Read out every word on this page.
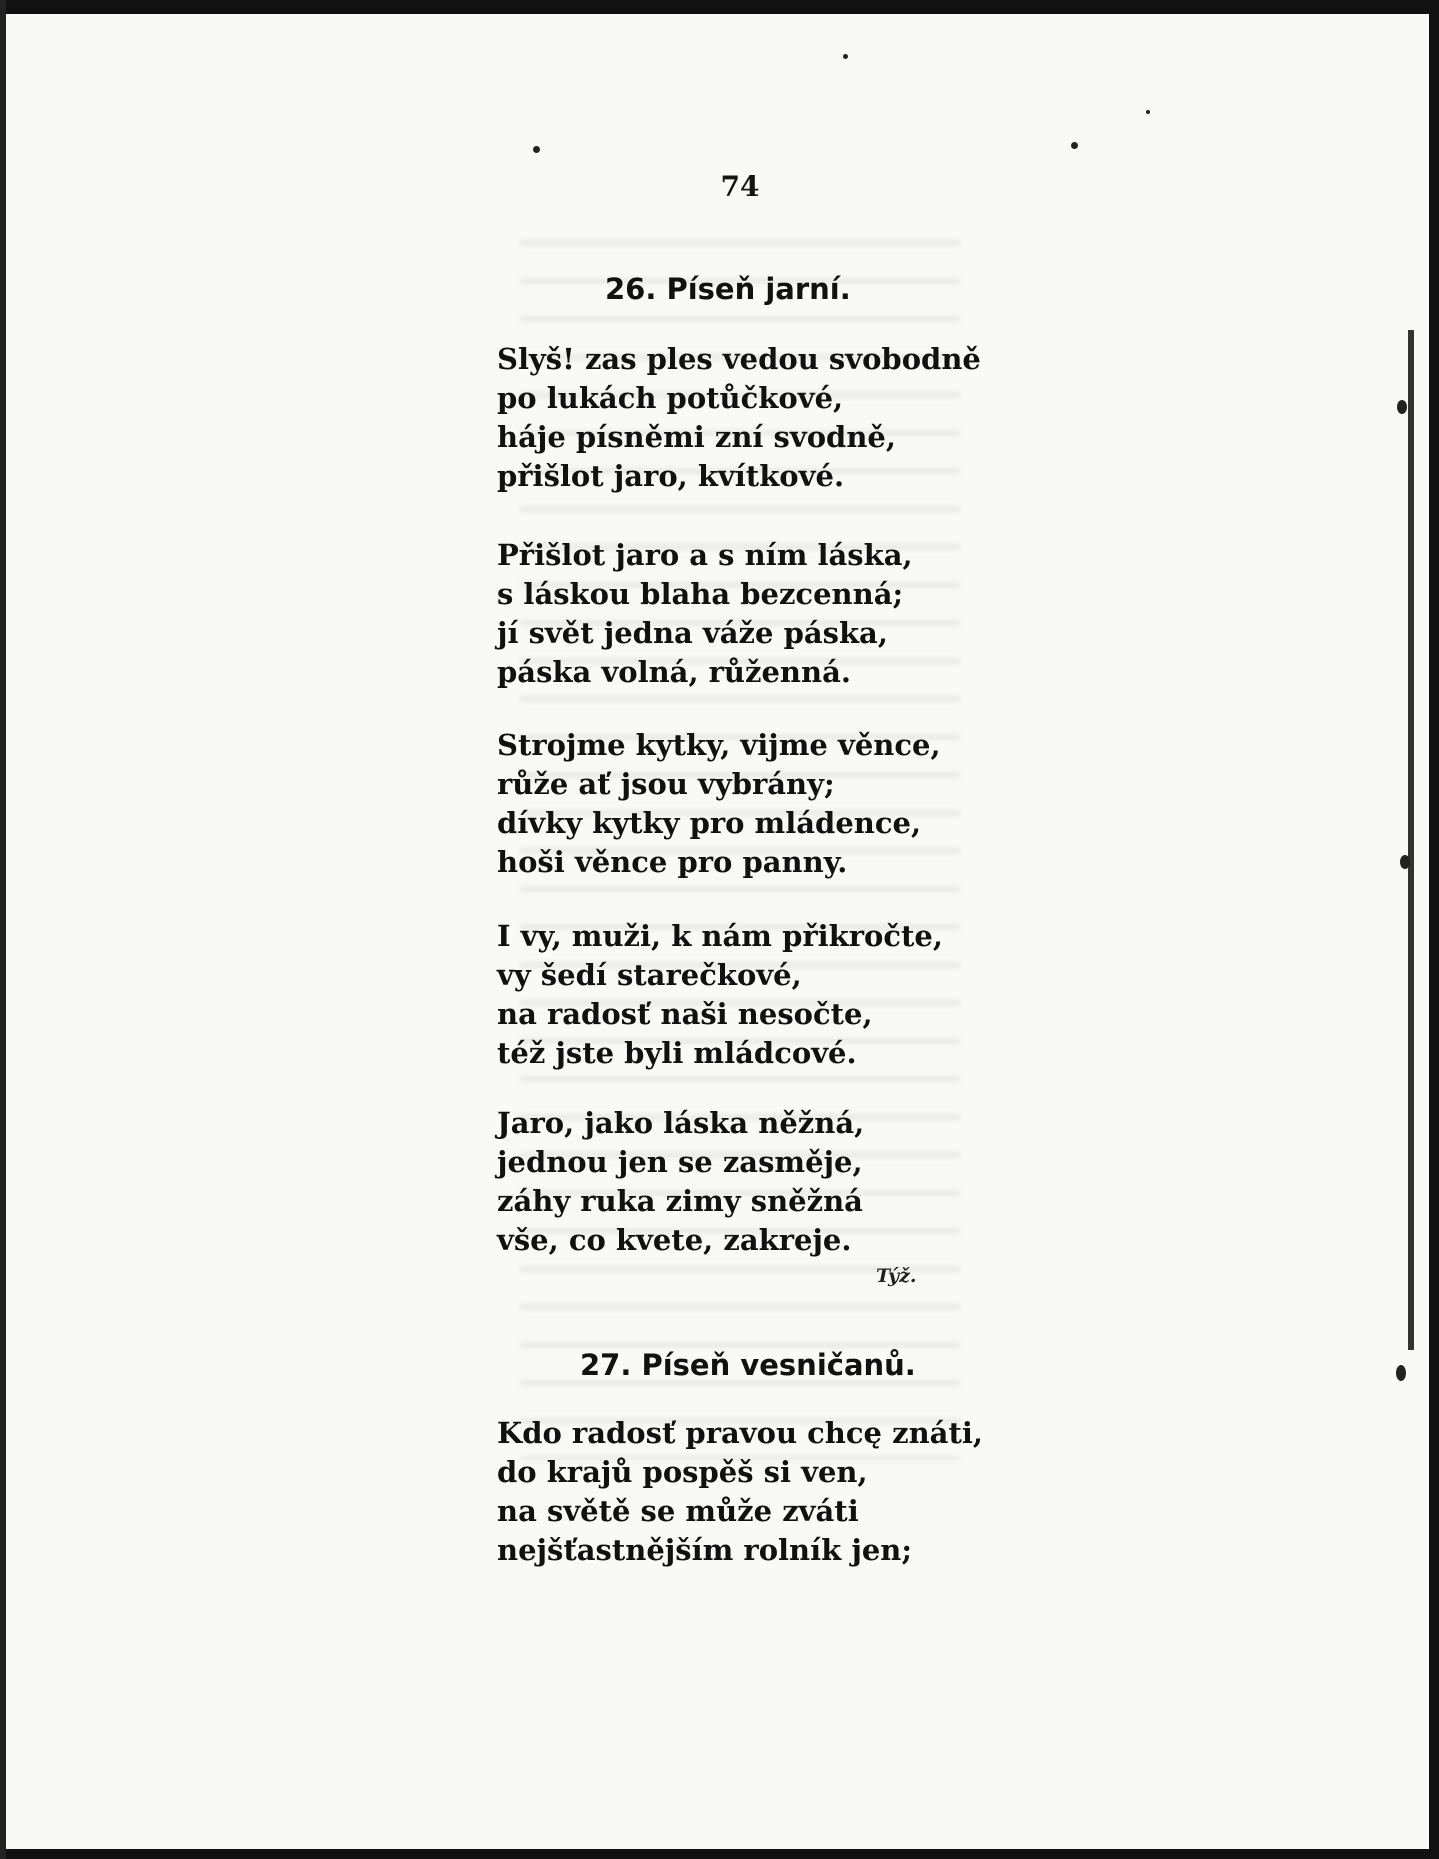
74
26. Píseň jarní.
Slyš! zas ples vedou svobodně
po lukách potůčkové,
háje písněmi zní svodně,
přišlot jaro, kvítkové.
Přišlot jaro a s ním láska,
s láskou blaha bezcenná;
jí svět jedna váže páska,
páska volná, růženná.
Strojme kytky, vijme věnce,
růže ať jsou vybrány;
dívky kytky pro mládence,
hoši věnce pro panny.
I vy, muži, k nám přikročte,
vy šedí starečkové,
na radosť naši nesočte,
též jste byli mládcové.
Jaro, jako láska něžná,
jednou jen se zasměje,
záhy ruka zimy sněžná
vše, co kvete, zakreje.
Týž.
27. Píseň vesničanů.
Kdo radosť pravou chcę znáti,
do krajů pospěš si ven,
na světě se může zváti
nejšťastnějším rolník jen;
